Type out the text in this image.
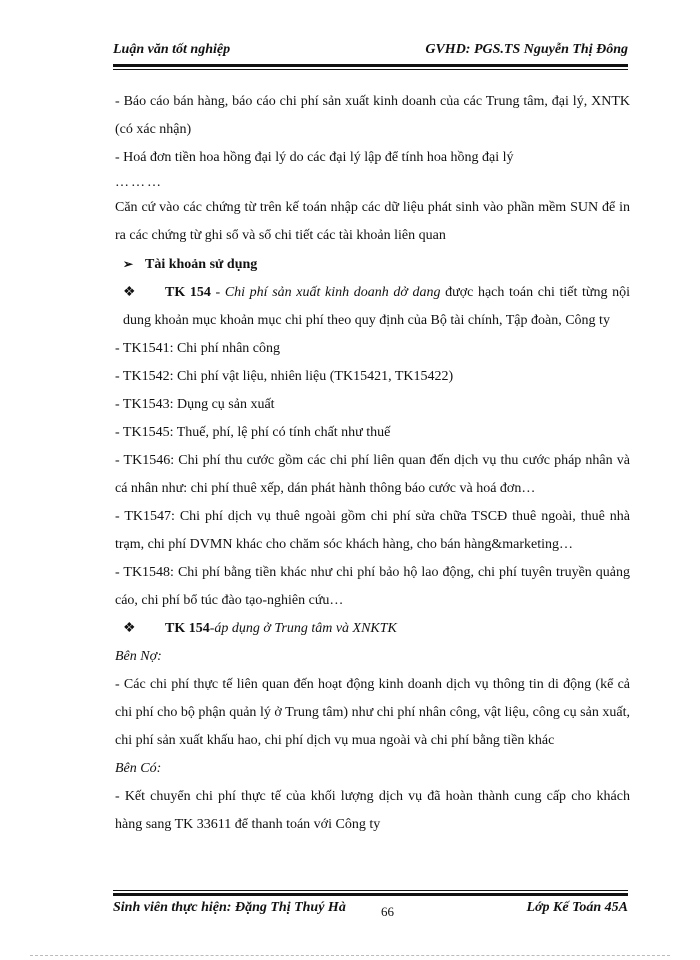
Luận văn tốt nghiệp	GVHD: PGS.TS Nguyễn Thị Đông

- Báo cáo bán hàng, báo cáo chi phí sản xuất kinh doanh của các Trung tâm, đại lý, XNTK (có xác nhận)

- Hoá đơn tiền hoa hồng đại lý do các đại lý lập để tính hoa hồng đại lý

………

Căn cứ vào các chứng từ trên kế toán nhập các dữ liệu phát sinh vào phần mềm SUN để in ra các chứng từ ghi sổ và sổ chi tiết các tài khoản liên quan

➢ Tài khoản sử dụng

❖ TK 154 - Chi phí sản xuất kinh doanh dở dang được hạch toán chi tiết từng nội dung khoản mục khoản mục chi phí theo quy định của Bộ tài chính, Tập đoàn, Công ty

- TK1541: Chi phí nhân công

- TK1542: Chi phí vật liệu, nhiên liệu (TK15421, TK15422)

- TK1543: Dụng cụ sản xuất

- TK1545: Thuế, phí, lệ phí có tính chất như thuế

- TK1546: Chi phí thu cước gồm các chi phí liên quan đến dịch vụ thu cước pháp nhân và cá nhân như: chi phí thuê xếp, dán phát hành thông báo cước và hoá đơn…

- TK1547: Chi phí dịch vụ thuê ngoài gồm chi phí sửa chữa TSCĐ thuê ngoài, thuê nhà trạm, chi phí DVMN khác cho chăm sóc khách hàng, cho bán hàng&marketing…

- TK1548: Chi phí bằng tiền khác như chi phí bảo hộ lao động, chi phí tuyên truyền quảng cáo, chi phí bổ túc đào tạo-nghiên cứu…

❖ TK 154-áp dụng ở Trung tâm và XNKTK

Bên Nợ:

- Các chi phí thực tế liên quan đến hoạt động kinh doanh dịch vụ thông tin di động (kể cả chi phí cho bộ phận quản lý ở Trung tâm) như chi phí nhân công, vật liệu, công cụ sản xuất, chi phí sản xuất khấu hao, chi phí dịch vụ mua ngoài và chi phí bằng tiền khác

Bên Có:

- Kết chuyển chi phí thực tế của khối lượng dịch vụ đã hoàn thành cung cấp cho khách hàng sang TK 33611 để thanh toán với Công ty

Sinh viên thực hiện: Đặng Thị Thuý Hà	66	Lớp Kế Toán 45A
